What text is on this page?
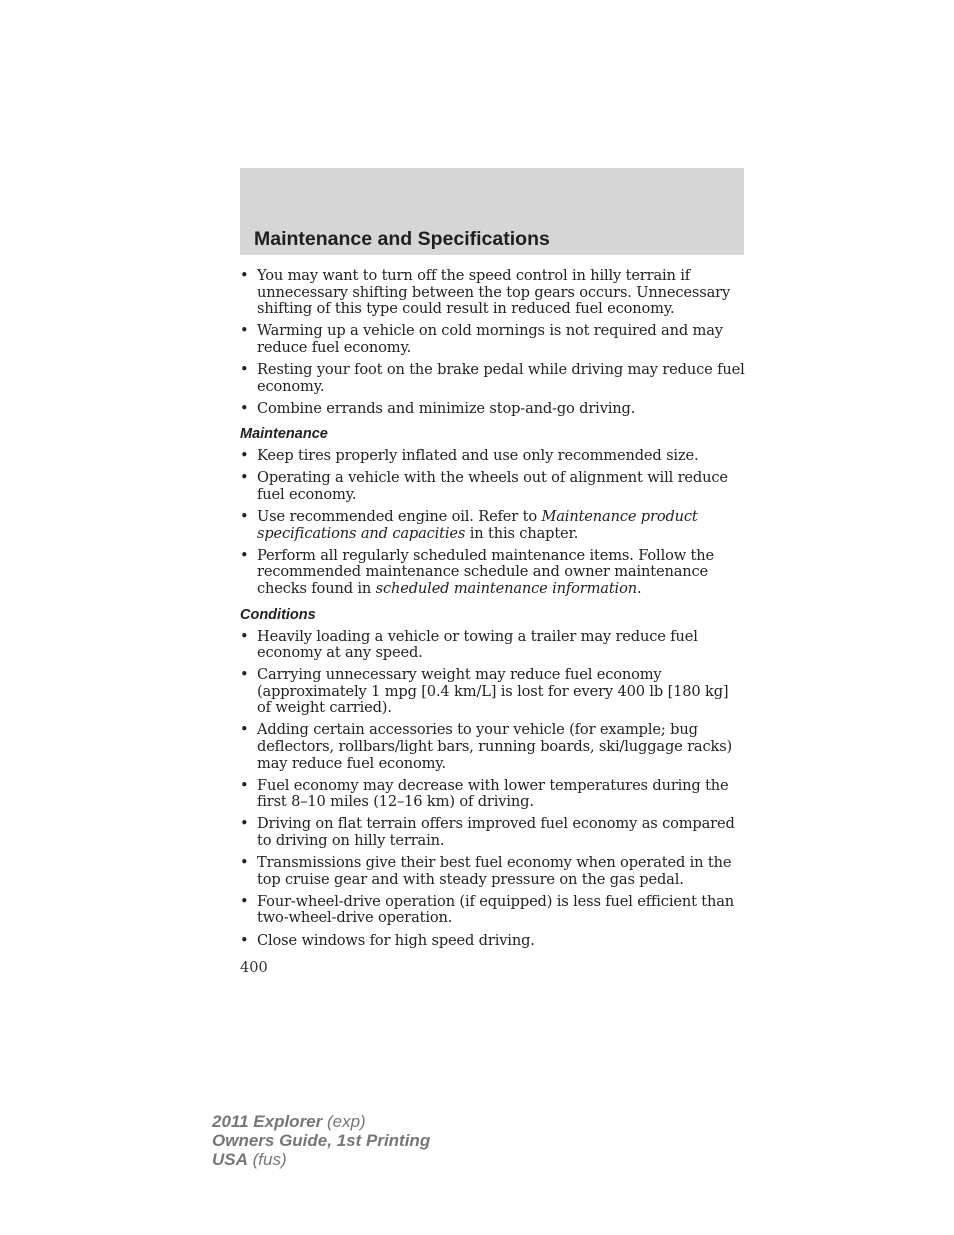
Maintenance and Specifications
• You may want to turn off the speed control in hilly terrain if unnecessary shifting between the top gears occurs. Unnecessary shifting of this type could result in reduced fuel economy.
• Warming up a vehicle on cold mornings is not required and may reduce fuel economy.
• Resting your foot on the brake pedal while driving may reduce fuel economy.
• Combine errands and minimize stop-and-go driving.
Maintenance
• Keep tires properly inflated and use only recommended size.
• Operating a vehicle with the wheels out of alignment will reduce fuel economy.
• Use recommended engine oil. Refer to Maintenance product specifications and capacities in this chapter.
• Perform all regularly scheduled maintenance items. Follow the recommended maintenance schedule and owner maintenance checks found in scheduled maintenance information.
Conditions
• Heavily loading a vehicle or towing a trailer may reduce fuel economy at any speed.
• Carrying unnecessary weight may reduce fuel economy (approximately 1 mpg [0.4 km/L] is lost for every 400 lb [180 kg] of weight carried).
• Adding certain accessories to your vehicle (for example; bug deflectors, rollbars/light bars, running boards, ski/luggage racks) may reduce fuel economy.
• Fuel economy may decrease with lower temperatures during the first 8–10 miles (12–16 km) of driving.
• Driving on flat terrain offers improved fuel economy as compared to driving on hilly terrain.
• Transmissions give their best fuel economy when operated in the top cruise gear and with steady pressure on the gas pedal.
• Four-wheel-drive operation (if equipped) is less fuel efficient than two-wheel-drive operation.
• Close windows for high speed driving.
400
2011 Explorer (exp)
Owners Guide, 1st Printing
USA (fus)
